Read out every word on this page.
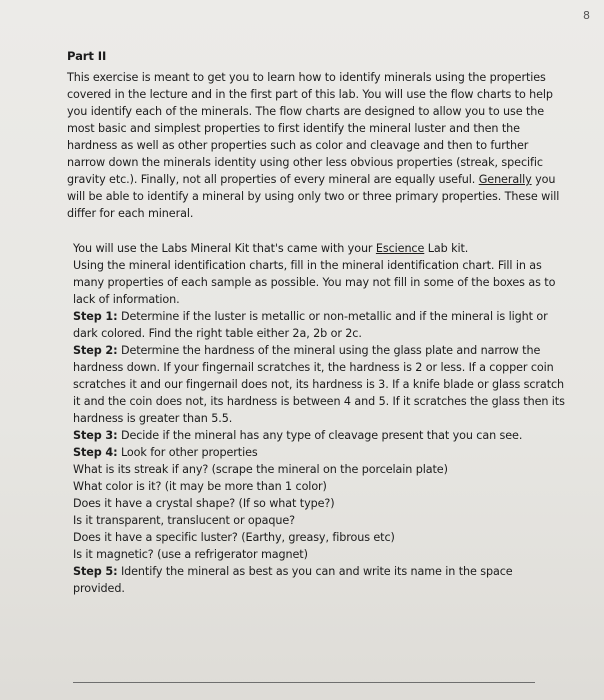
8
Part II

This exercise is meant to get you to learn how to identify minerals using the properties covered in the lecture and in the first part of this lab. You will use the flow charts to help you identify each of the minerals. The flow charts are designed to allow you to use the most basic and simplest properties to first identify the mineral luster and then the hardness as well as other properties such as color and cleavage and then to further narrow down the minerals identity using other less obvious properties (streak, specific gravity etc.). Finally, not all properties of every mineral are equally useful. Generally you will be able to identify a mineral by using only two or three primary properties. These will differ for each mineral.

You will use the Labs Mineral Kit that's came with your Escience Lab kit.

Using the mineral identification charts, fill in the mineral identification chart. Fill in as many properties of each sample as possible. You may not fill in some of the boxes as to lack of information.

Step 1: Determine if the luster is metallic or non-metallic and if the mineral is light or dark colored. Find the right table either 2a, 2b or 2c.

Step 2: Determine the hardness of the mineral using the glass plate and narrow the hardness down. If your fingernail scratches it, the hardness is 2 or less. If a copper coin scratches it and our fingernail does not, its hardness is 3. If a knife blade or glass scratch it and the coin does not, its hardness is between 4 and 5. If it scratches the glass then its hardness is greater than 5.5.

Step 3: Decide if the mineral has any type of cleavage present that you can see.

Step 4: Look for other properties

What is its streak if any? (scrape the mineral on the porcelain plate)
What color is it? (it may be more than 1 color)
Does it have a crystal shape? (If so what type?)
Is it transparent, translucent or opaque?
Does it have a specific luster? (Earthy, greasy, fibrous etc)
Is it magnetic? (use a refrigerator magnet)

Step 5: Identify the mineral as best as you can and write its name in the space provided.
